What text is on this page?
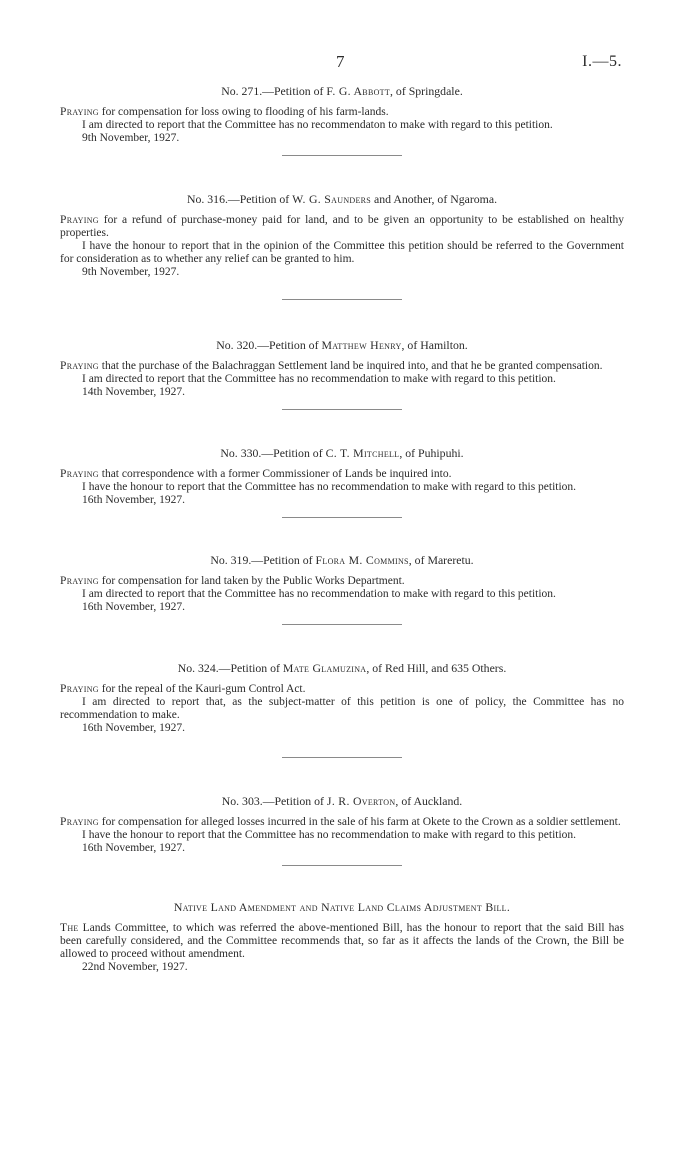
7	I.—5.

No. 271.—Petition of F. G. Abbott, of Springdale.

Praying for compensation for loss owing to flooding of his farm-lands.

I am directed to report that the Committee has no recommendaton to make with regard to this petition.

9th November, 1927.

No. 316.—Petition of W. G. Saunders and Another, of Ngaroma.

Praying for a refund of purchase-money paid for land, and to be given an opportunity to be established on healthy properties.

I have the honour to report that in the opinion of the Committee this petition should be referred to the Government for consideration as to whether any relief can be granted to him.

9th November, 1927.

No. 320.—Petition of Matthew Henry, of Hamilton.

Praying that the purchase of the Balachraggan Settlement land be inquired into, and that he be granted compensation.

I am directed to report that the Committee has no recommendation to make with regard to this petition.

14th November, 1927.

No. 330.—Petition of C. T. Mitchell, of Puhipuhi.

Praying that correspondence with a former Commissioner of Lands be inquired into.

I have the honour to report that the Committee has no recommendation to make with regard to this petition.

16th November, 1927.

No. 319.—Petition of Flora M. Commins, of Mareretu.

Praying for compensation for land taken by the Public Works Department.

I am directed to report that the Committee has no recommendation to make with regard to this petition.

16th November, 1927.

No. 324.—Petition of Mate Glamuzina, of Red Hill, and 635 Others.

Praying for the repeal of the Kauri-gum Control Act.

I am directed to report that, as the subject-matter of this petition is one of policy, the Committee has no recommendation to make.

16th November, 1927.

No. 303.—Petition of J. R. Overton, of Auckland.

Praying for compensation for alleged losses incurred in the sale of his farm at Okete to the Crown as a soldier settlement.

I have the honour to report that the Committee has no recommendation to make with regard to this petition.

16th November, 1927.

Native Land Amendment and Native Land Claims Adjustment Bill.

The Lands Committee, to which was referred the above-mentioned Bill, has the honour to report that the said Bill has been carefully considered, and the Committee recommends that, so far as it affects the lands of the Crown, the Bill be allowed to proceed without amendment.

22nd November, 1927.
